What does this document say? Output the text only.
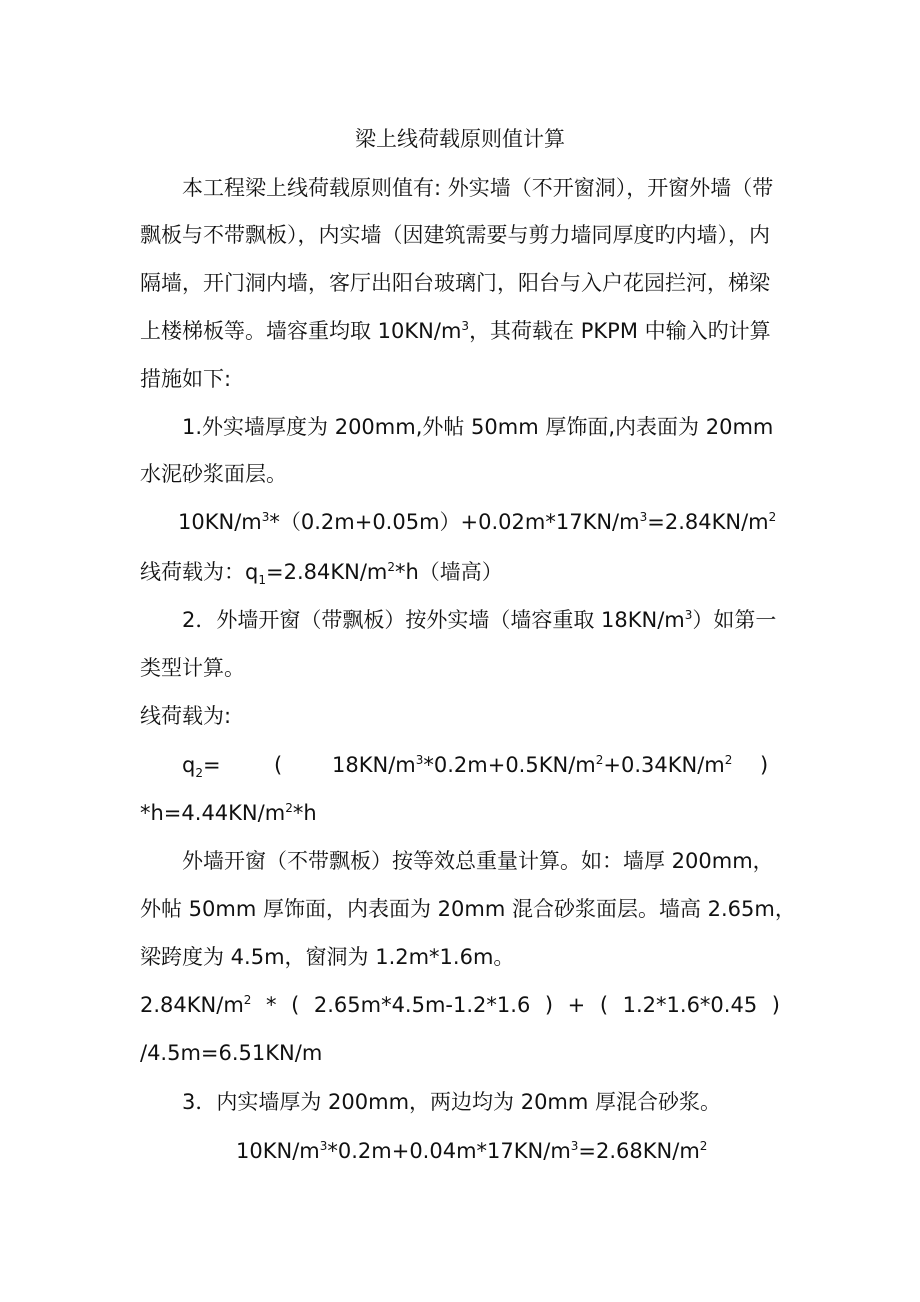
梁上线荷载原则值计算

本工程梁上线荷载原则值有: 外实墙（不开窗洞），开窗外墙（带

飘板与不带飘板），内实墙（因建筑需要与剪力墙同厚度旳内墙），内

隔墙，开门洞内墙，客厅出阳台玻璃门，阳台与入户花园拦河，梯梁

上楼梯板等。墙容重均取 $10KN/m^3$，其荷载在 PKPM 中输入旳计算

措施如下:

1.外实墙厚度为 200mm,外帖 50mm 厚饰面,内表面为 20mm

水泥砂浆面层。

$10KN/m^3*(0.2m+0.05m)+0.02m*17KN/m^3=2.84KN/m^2$

线荷载为：$q_1=2.84KN/m^2*h$（墙高）

2．外墙开窗（带飘板）按外实墙（墙容重取 $18KN/m^3$）如第一

类型计算。

线荷载为:

$q_2=$	( $18KN/m^3*0.2m+0.5KN/m^2+0.34KN/m^2$ )

$*h=4.44KN/m^2*h$

外墙开窗（不带飘板）按等效总重量计算。如：墙厚 200mm，

外帖 50mm 厚饰面，内表面为 20mm 混合砂浆面层。墙高 2.65m，

梁跨度为 4.5m，窗洞为 1.2m*1.6m。

$2.84KN/m^2$ * ( 2.65m*4.5m-1.2*1.6 ) + ( 1.2*1.6*0.45 )

/4.5m=6.51KN/m

3．内实墙厚为 200mm，两边均为 20mm 厚混合砂浆。

$10KN/m^3*0.2m+0.04m*17KN/m^3=2.68KN/m^2$
